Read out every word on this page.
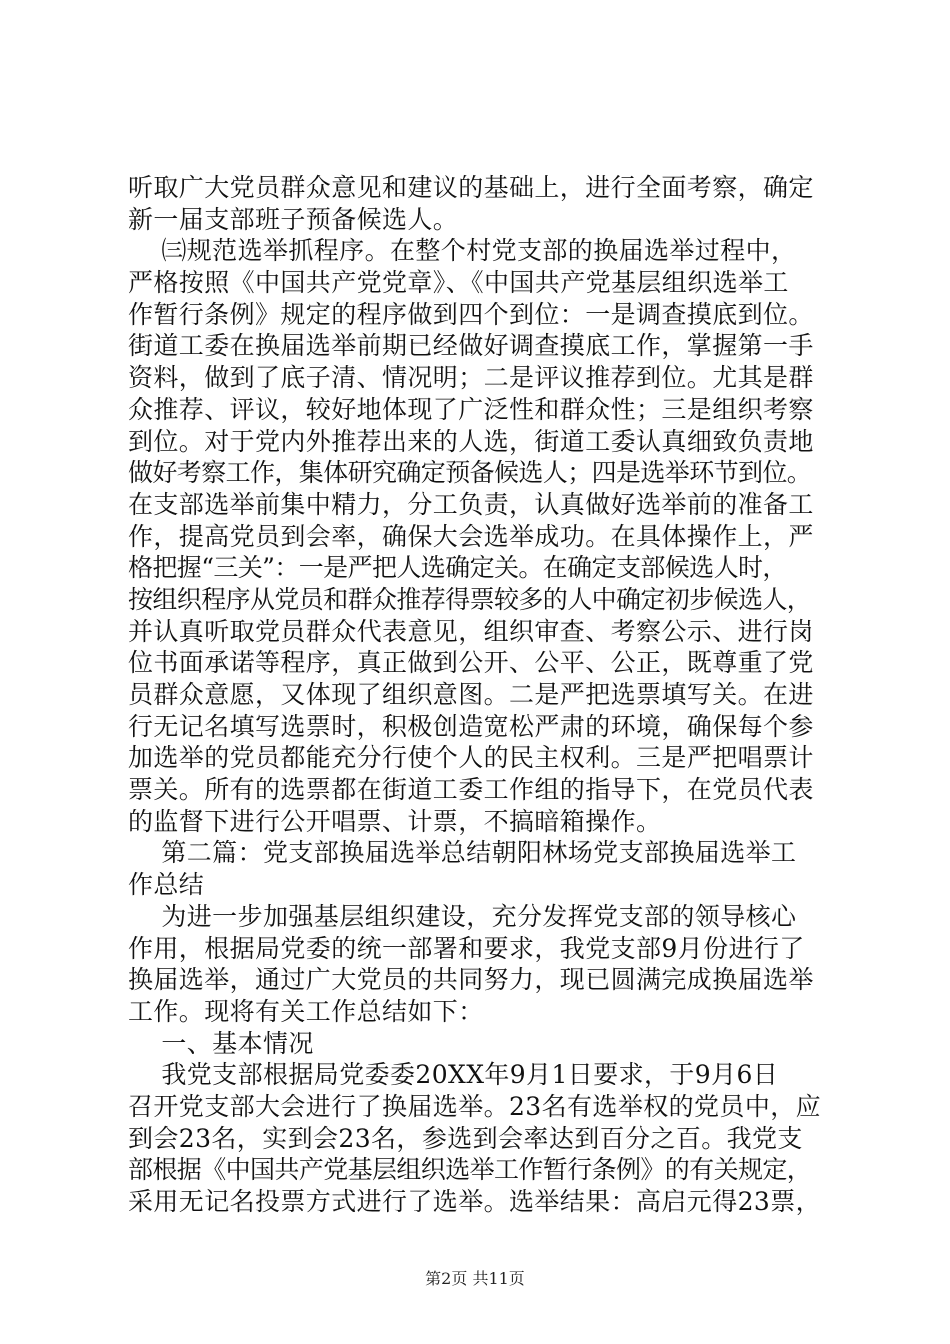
听取广大党员群众意见和建议的基础上，进行全面考察，确定
新一届支部班子预备候选人。
㈢规范选举抓程序。在整个村党支部的换届选举过程中，
严格按照《中国共产党党章》、《中国共产党基层组织选举工
作暂行条例》规定的程序做到四个到位：一是调查摸底到位。
街道工委在换届选举前期已经做好调查摸底工作，掌握第一手
资料，做到了底子清、情况明；二是评议推荐到位。尤其是群
众推荐、评议，较好地体现了广泛性和群众性；三是组织考察
到位。对于党内外推荐出来的人选，街道工委认真细致负责地
做好考察工作，集体研究确定预备候选人；四是选举环节到位。
在支部选举前集中精力，分工负责，认真做好选举前的准备工
作，提高党员到会率，确保大会选举成功。在具体操作上，严
格把握“三关”：一是严把人选确定关。在确定支部候选人时，
按组织程序从党员和群众推荐得票较多的人中确定初步候选人，
并认真听取党员群众代表意见，组织审查、考察公示、进行岗
位书面承诺等程序，真正做到公开、公平、公正，既尊重了党
员群众意愿，又体现了组织意图。二是严把选票填写关。在进
行无记名填写选票时，积极创造宽松严肃的环境，确保每个参
加选举的党员都能充分行使个人的民主权利。三是严把唱票计
票关。所有的选票都在街道工委工作组的指导下，在党员代表
的监督下进行公开唱票、计票，不搞暗箱操作。
第二篇：党支部换届选举总结朝阳林场党支部换届选举工
作总结
为进一步加强基层组织建设，充分发挥党支部的领导核心
作用，根据局党委的统一部署和要求，我党支部9月份进行了
换届选举，通过广大党员的共同努力，现已圆满完成换届选举
工作。现将有关工作总结如下：
一、基本情况
我党支部根据局党委委20XX年9月1日要求，于9月6日
召开党支部大会进行了换届选举。23名有选举权的党员中，应
到会23名，实到会23名，参选到会率达到百分之百。我党支
部根据《中国共产党基层组织选举工作暂行条例》的有关规定，
采用无记名投票方式进行了选举。选举结果：高启元得23票，
第2页 共11页
